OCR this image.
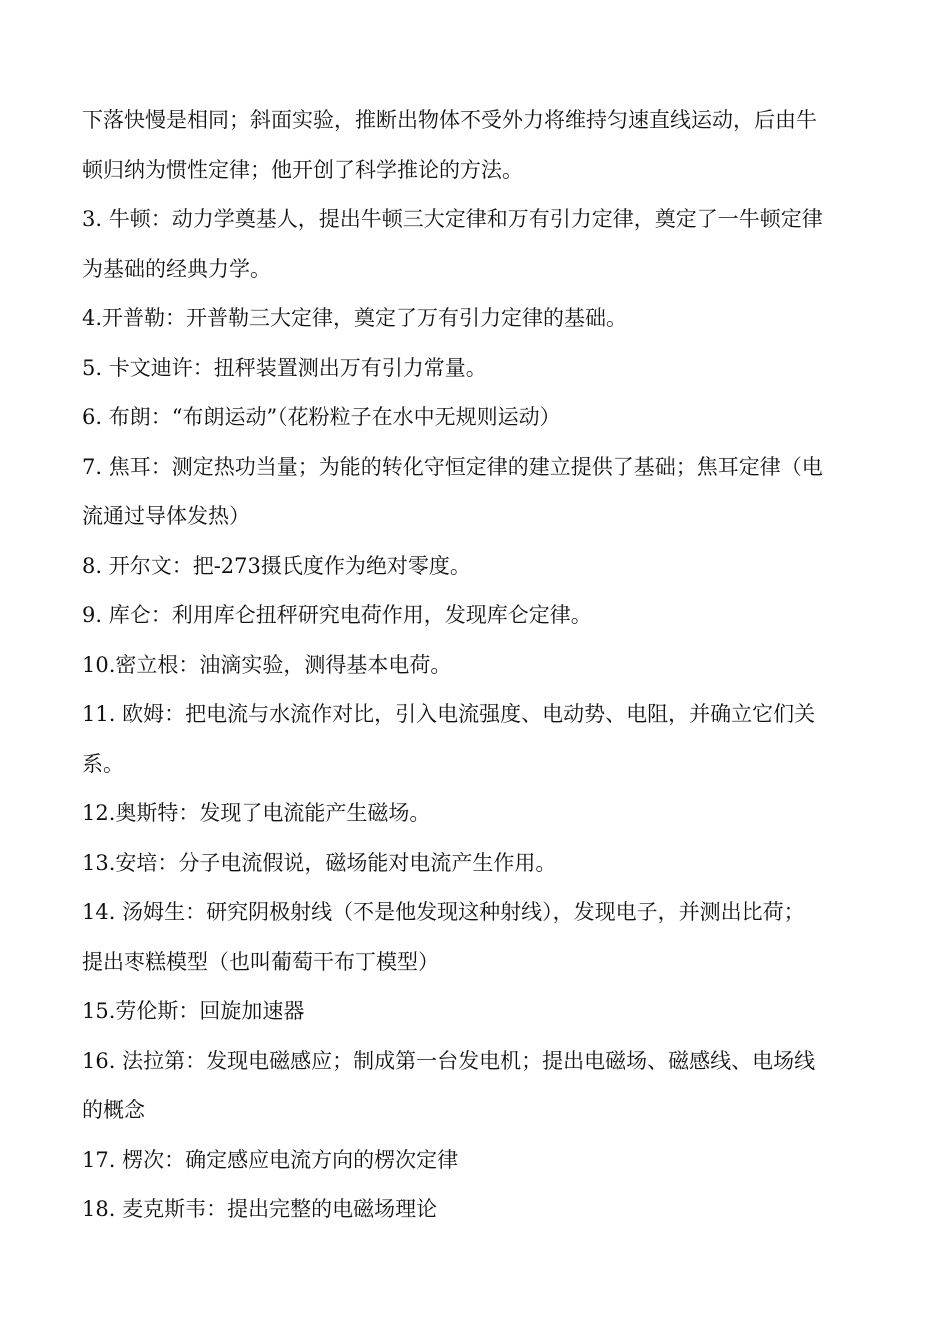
下落快慢是相同；斜面实验，推断出物体不受外力将维持匀速直线运动，后由牛

顿归纳为惯性定律；他开创了科学推论的方法。

3. 牛顿：动力学奠基人，提出牛顿三大定律和万有引力定律，奠定了一牛顿定律

为基础的经典力学。

4.开普勒：开普勒三大定律，奠定了万有引力定律的基础。

5. 卡文迪许：扭秤装置测出万有引力常量。

6. 布朗：“布朗运动”（花粉粒子在水中无规则运动）

7. 焦耳：测定热功当量；为能的转化守恒定律的建立提供了基础；焦耳定律（电

流通过导体发热）

8. 开尔文：把-273摄氏度作为绝对零度。

9. 库仑：利用库仑扭秤研究电荷作用，发现库仑定律。

10.密立根：油滴实验，测得基本电荷。

11. 欧姆：把电流与水流作对比，引入电流强度、电动势、电阻，并确立它们关

系。

12.奥斯特：发现了电流能产生磁场。

13.安培：分子电流假说，磁场能对电流产生作用。

14. 汤姆生：研究阴极射线（不是他发现这种射线），发现电子，并测出比荷；

提出枣糕模型（也叫葡萄干布丁模型）

15.劳伦斯：回旋加速器

16. 法拉第：发现电磁感应；制成第一台发电机；提出电磁场、磁感线、电场线

的概念

17. 楞次：确定感应电流方向的楞次定律

18. 麦克斯韦：提出完整的电磁场理论
